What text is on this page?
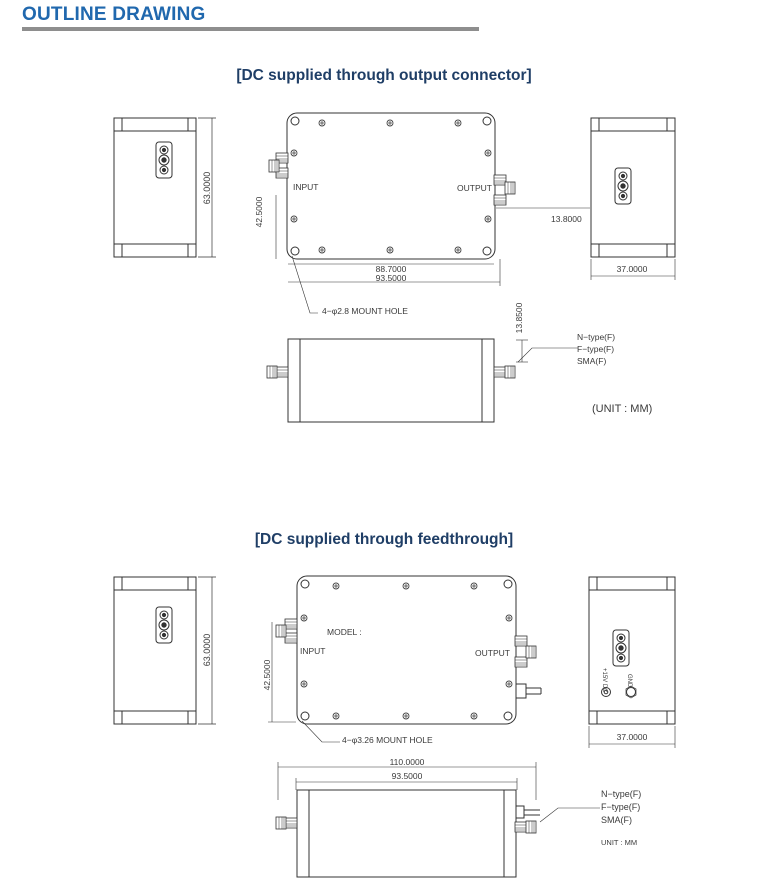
OUTLINE DRAWING
[DC supplied through output connector]
[DC supplied through feedthrough]
63.0000	INPUT	OUTPUT
42.5000
88.7000
93.5000
4−φ2.8 MOUNT HOLE
13.8000
37.0000
13.8500
N−type(F)
F−type(F)
SMA(F)
(UNIT : MM)
63.0000
MODEL :
INPUT	OUTPUT
42.5000
4−φ3.26 MOUNT HOLE
+15V DC	GND
37.0000
110.0000
93.5000
N−type(F)
F−type(F)
SMA(F)
UNIT : MM
